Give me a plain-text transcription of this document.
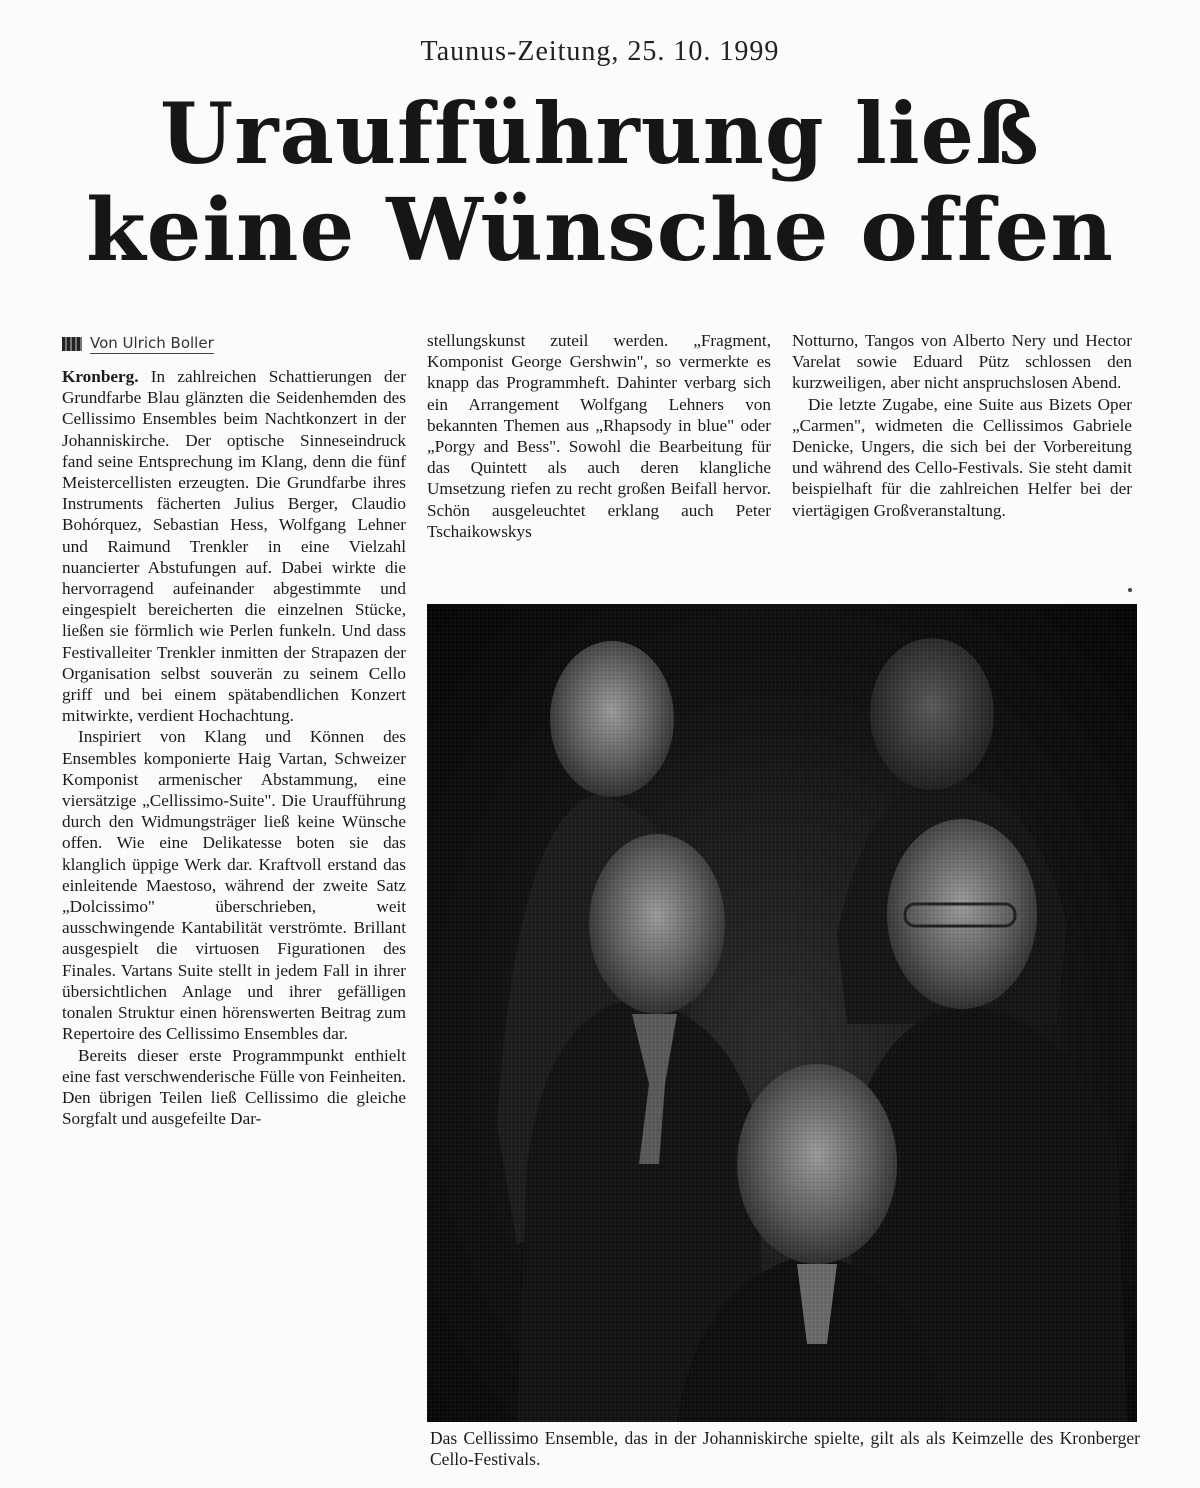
Taunus-Zeitung, 25. 10. 1999
Uraufführung ließ
keine Wünsche offen
Von Ulrich Boller

Kronberg. In zahlreichen Schattierungen der Grundfarbe Blau glänzten die Seidenhemden des Cellissimo Ensembles beim Nachtkonzert in der Johanniskirche. Der optische Sinneseindruck fand seine Entsprechung im Klang, denn die fünf Meistercellisten erzeugten. Die Grundfarbe ihres Instruments fächerten Julius Berger, Claudio Bohórquez, Sebastian Hess, Wolfgang Lehner und Raimund Trenkler in eine Vielzahl nuancierter Abstufungen auf. Dabei wirkte die hervorragend aufeinander abgestimmte und eingespielt bereicherten die einzelnen Stücke, ließen sie förmlich wie Perlen funkeln. Und dass Festivalleiter Trenkler inmitten der Strapazen der Organisation selbst souverän zu seinem Cello griff und bei einem spätabendlichen Konzert mitwirkte, verdient Hochachtung.

Inspiriert von Klang und Können des Ensembles komponierte Haig Vartan, Schweizer Komponist armenischer Abstammung, eine viersätzige „Cellissimo-Suite". Die Uraufführung durch den Widmungsträger ließ keine Wünsche offen. Wie eine Delikatesse boten sie das klanglich üppige Werk dar. Kraftvoll erstand das einleitende Maestoso, während der zweite Satz „Dolcissimo" überschrieben, weit ausschwingende Kantabilität verströmte. Brillant ausgespielt die virtuosen Figurationen des Finales. Vartans Suite stellt in jedem Fall in ihrer übersichtlichen Anlage und ihrer gefälligen tonalen Struktur einen hörenswerten Beitrag zum Repertoire des Cellissimo Ensembles dar.

Bereits dieser erste Programmpunkt enthielt eine fast verschwenderische Fülle von Feinheiten. Den übrigen Teilen ließ Cellissimo die gleiche Sorgfalt und ausgefeilte Dar-

stellungskunst zuteil werden. „Fragment, Komponist George Gershwin", so vermerkte es knapp das Programmheft. Dahinter verbarg sich ein Arrangement Wolfgang Lehners von bekannten Themen aus „Rhapsody in blue" oder „Porgy and Bess". Sowohl die Bearbeitung für das Quintett als auch deren klangliche Umsetzung riefen zu recht großen Beifall hervor. Schön ausgeleuchtet erklang auch Peter Tschaikowskys

Notturno, Tangos von Alberto Nery und Hector Varelat sowie Eduard Pütz schlossen den kurzweiligen, aber nicht anspruchslosen Abend.

Die letzte Zugabe, eine Suite aus Bizets Oper „Carmen", widmeten die Cellissimos Gabriele Denicke, Ungers, die sich bei der Vorbereitung und während des Cello-Festivals. Sie steht damit beispielhaft für die zahlreichen Helfer bei der viertägigen Großveranstaltung.

Das Cellissimo Ensemble, das in der Johanniskirche spielte, gilt als als Keimzelle des Kronberger Cello-Festivals.
